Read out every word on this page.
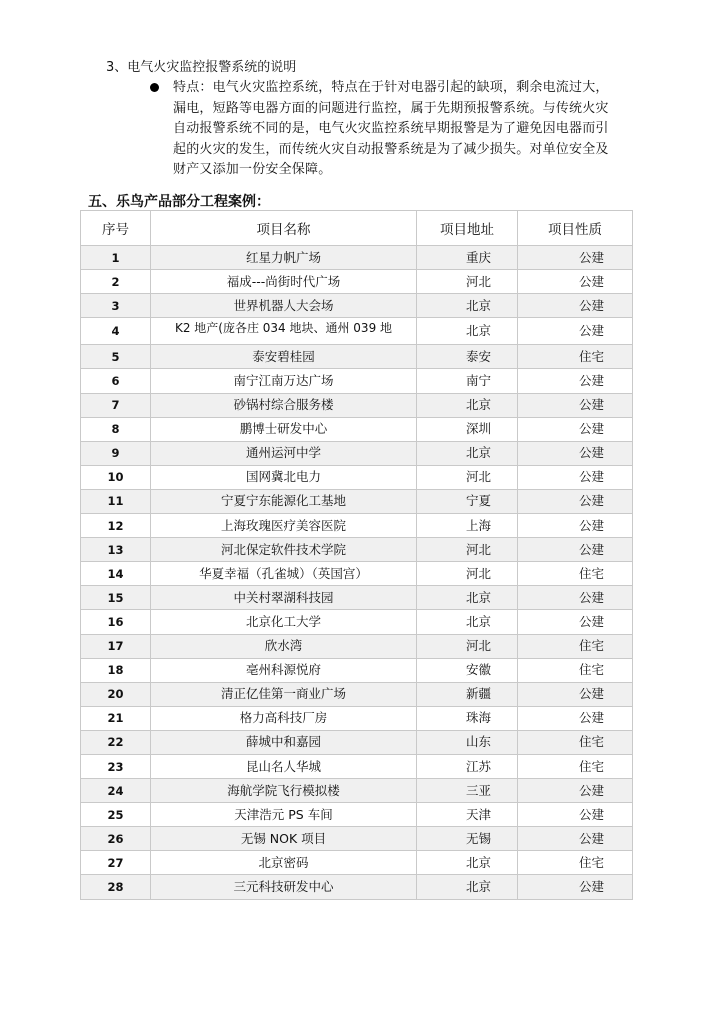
3、电气火灾监控报警系统的说明
特点：电气火灾监控系统，特点在于针对电器引起的缺项，剩余电流过大，
漏电，短路等电器方面的问题进行监控，属于先期预报警系统。与传统火灾
自动报警系统不同的是，电气火灾监控系统早期报警是为了避免因电器而引
起的火灾的发生，而传统火灾自动报警系统是为了减少损失。对单位安全及
财产又添加一份安全保障。
五、乐鸟产品部分工程案例：
序号	项目名称	项目地址	项目性质
1	红星力帆广场	重庆	公建
2	福成---尚街时代广场	河北	公建
3	世界机器人大会场	北京	公建
4	K2 地产(庞各庄 034 地块、通州 039 地	北京	公建
5	泰安碧桂园	泰安	住宅
6	南宁江南万达广场	南宁	公建
7	砂锅村综合服务楼	北京	公建
8	鹏博士研发中心	深圳	公建
9	通州运河中学	北京	公建
10	国网冀北电力	河北	公建
11	宁夏宁东能源化工基地	宁夏	公建
12	上海玫瑰医疗美容医院	上海	公建
13	河北保定软件技术学院	河北	公建
14	华夏幸福（孔雀城）（英国宫）	河北	住宅
15	中关村翠湖科技园	北京	公建
16	北京化工大学	北京	公建
17	欣水湾	河北	住宅
18	亳州科源悦府	安徽	住宅
20	清正亿佳第一商业广场	新疆	公建
21	格力高科技厂房	珠海	公建
22	薛城中和嘉园	山东	住宅
23	昆山名人华城	江苏	住宅
24	海航学院飞行模拟楼	三亚	公建
25	天津浩元 PS 车间	天津	公建
26	无锡 NOK 项目	无锡	公建
27	北京密码	北京	住宅
28	三元科技研发中心	北京	公建
